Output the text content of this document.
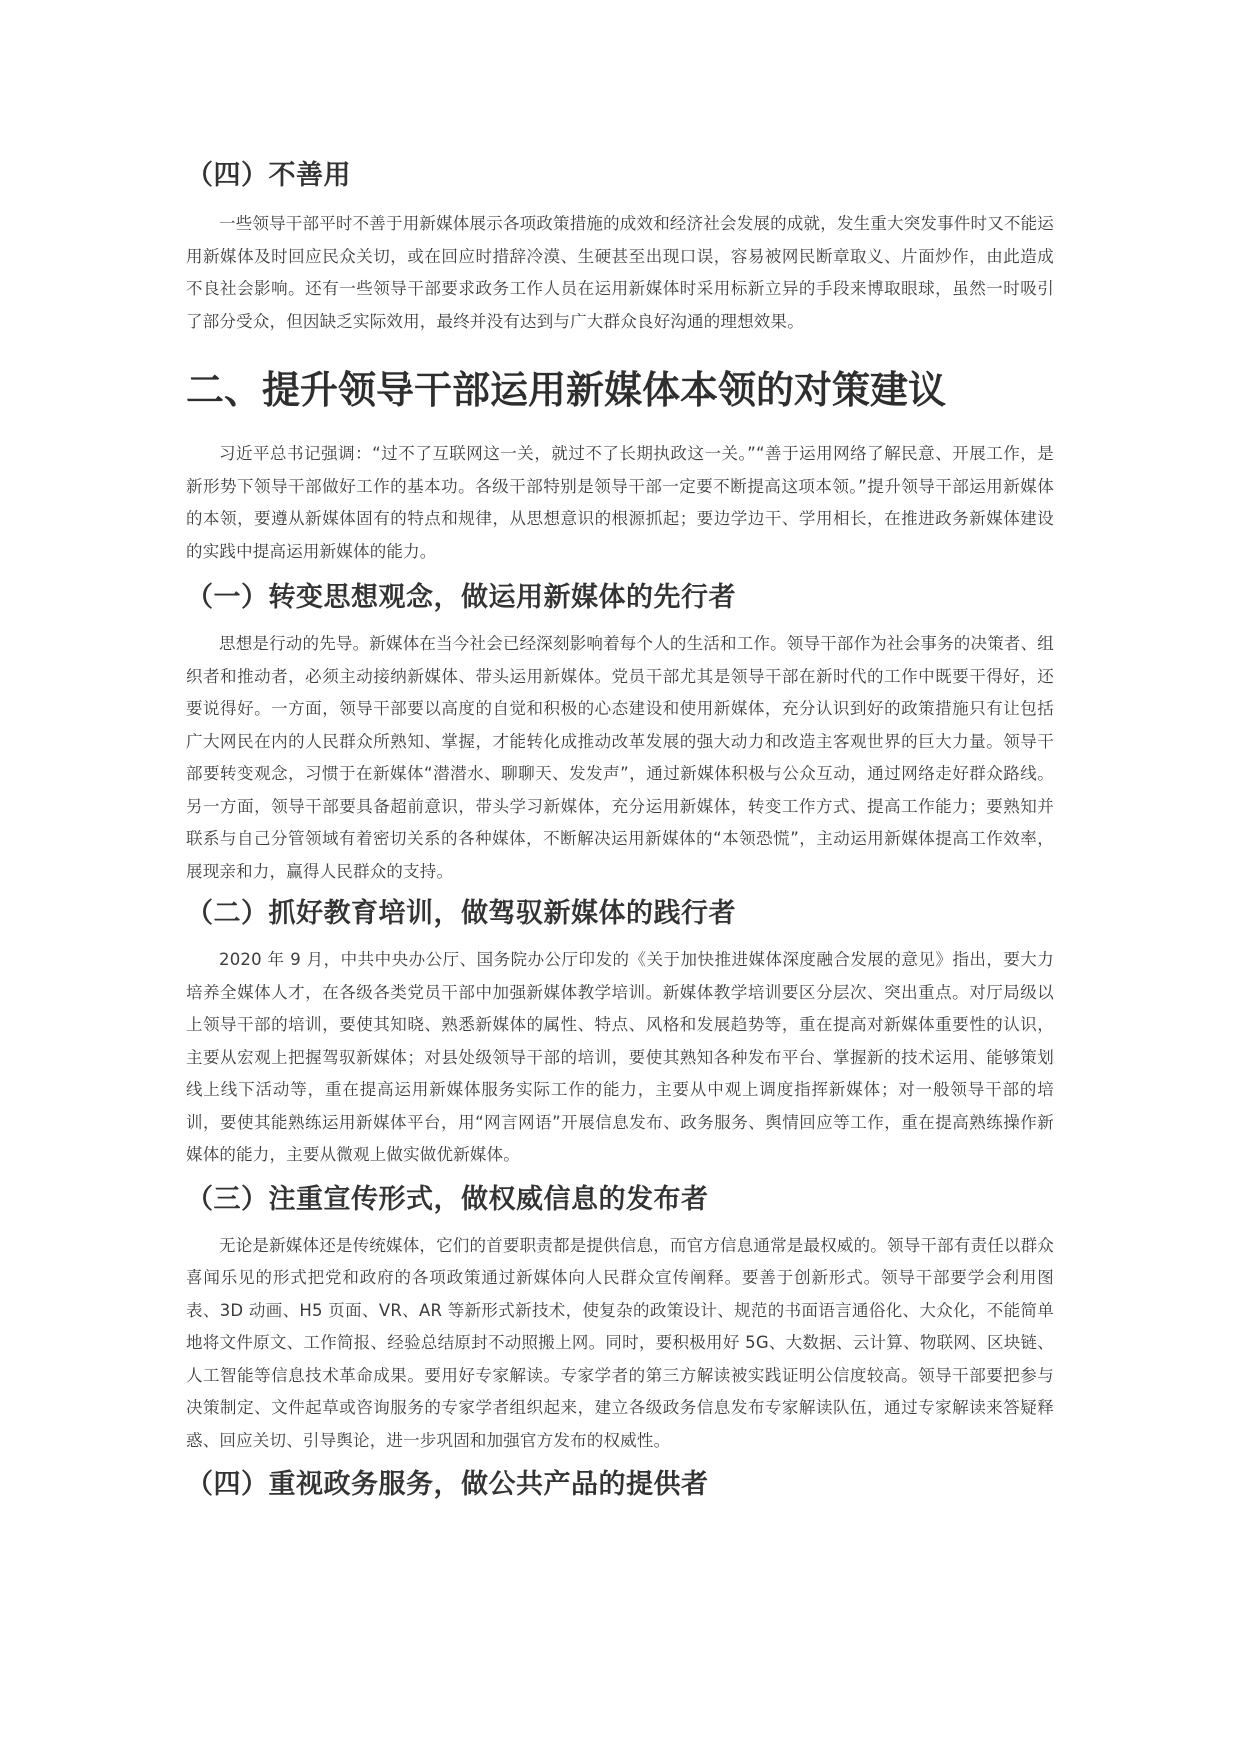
（四）不善用

一些领导干部平时不善于用新媒体展示各项政策措施的成效和经济社会发展的成就，发生重大突发事件时又不能运用新媒体及时回应民众关切，或在回应时措辞冷漠、生硬甚至出现口误，容易被网民断章取义、片面炒作，由此造成不良社会影响。还有一些领导干部要求政务工作人员在运用新媒体时采用标新立异的手段来博取眼球，虽然一时吸引了部分受众，但因缺乏实际效用，最终并没有达到与广大群众良好沟通的理想效果。

二、提升领导干部运用新媒体本领的对策建议

习近平总书记强调：“过不了互联网这一关，就过不了长期执政这一关。”“善于运用网络了解民意、开展工作，是新形势下领导干部做好工作的基本功。各级干部特别是领导干部一定要不断提高这项本领。”提升领导干部运用新媒体的本领，要遵从新媒体固有的特点和规律，从思想意识的根源抓起；要边学边干、学用相长，在推进政务新媒体建设的实践中提高运用新媒体的能力。

（一）转变思想观念，做运用新媒体的先行者

思想是行动的先导。新媒体在当今社会已经深刻影响着每个人的生活和工作。领导干部作为社会事务的决策者、组织者和推动者，必须主动接纳新媒体、带头运用新媒体。党员干部尤其是领导干部在新时代的工作中既要干得好，还要说得好。一方面，领导干部要以高度的自觉和积极的心态建设和使用新媒体，充分认识到好的政策措施只有让包括广大网民在内的人民群众所熟知、掌握，才能转化成推动改革发展的强大动力和改造主客观世界的巨大力量。领导干部要转变观念，习惯于在新媒体“潜潜水、聊聊天、发发声”，通过新媒体积极与公众互动，通过网络走好群众路线。另一方面，领导干部要具备超前意识，带头学习新媒体，充分运用新媒体，转变工作方式、提高工作能力；要熟知并联系与自己分管领域有着密切关系的各种媒体，不断解决运用新媒体的“本领恐慌”，主动运用新媒体提高工作效率，展现亲和力，赢得人民群众的支持。

（二）抓好教育培训，做驾驭新媒体的践行者

2020 年 9 月，中共中央办公厅、国务院办公厅印发的《关于加快推进媒体深度融合发展的意见》指出，要大力培养全媒体人才，在各级各类党员干部中加强新媒体教学培训。新媒体教学培训要区分层次、突出重点。对厅局级以上领导干部的培训，要使其知晓、熟悉新媒体的属性、特点、风格和发展趋势等，重在提高对新媒体重要性的认识，主要从宏观上把握驾驭新媒体；对县处级领导干部的培训，要使其熟知各种发布平台、掌握新的技术运用、能够策划线上线下活动等，重在提高运用新媒体服务实际工作的能力，主要从中观上调度指挥新媒体；对一般领导干部的培训，要使其能熟练运用新媒体平台，用“网言网语”开展信息发布、政务服务、舆情回应等工作，重在提高熟练操作新媒体的能力，主要从微观上做实做优新媒体。

（三）注重宣传形式，做权威信息的发布者

无论是新媒体还是传统媒体，它们的首要职责都是提供信息，而官方信息通常是最权威的。领导干部有责任以群众喜闻乐见的形式把党和政府的各项政策通过新媒体向人民群众宣传阐释。要善于创新形式。领导干部要学会利用图表、3D 动画、H5 页面、VR、AR 等新形式新技术，使复杂的政策设计、规范的书面语言通俗化、大众化，不能简单地将文件原文、工作简报、经验总结原封不动照搬上网。同时，要积极用好 5G、大数据、云计算、物联网、区块链、人工智能等信息技术革命成果。要用好专家解读。专家学者的第三方解读被实践证明公信度较高。领导干部要把参与决策制定、文件起草或咨询服务的专家学者组织起来，建立各级政务信息发布专家解读队伍，通过专家解读来答疑释惑、回应关切、引导舆论，进一步巩固和加强官方发布的权威性。

（四）重视政务服务，做公共产品的提供者
